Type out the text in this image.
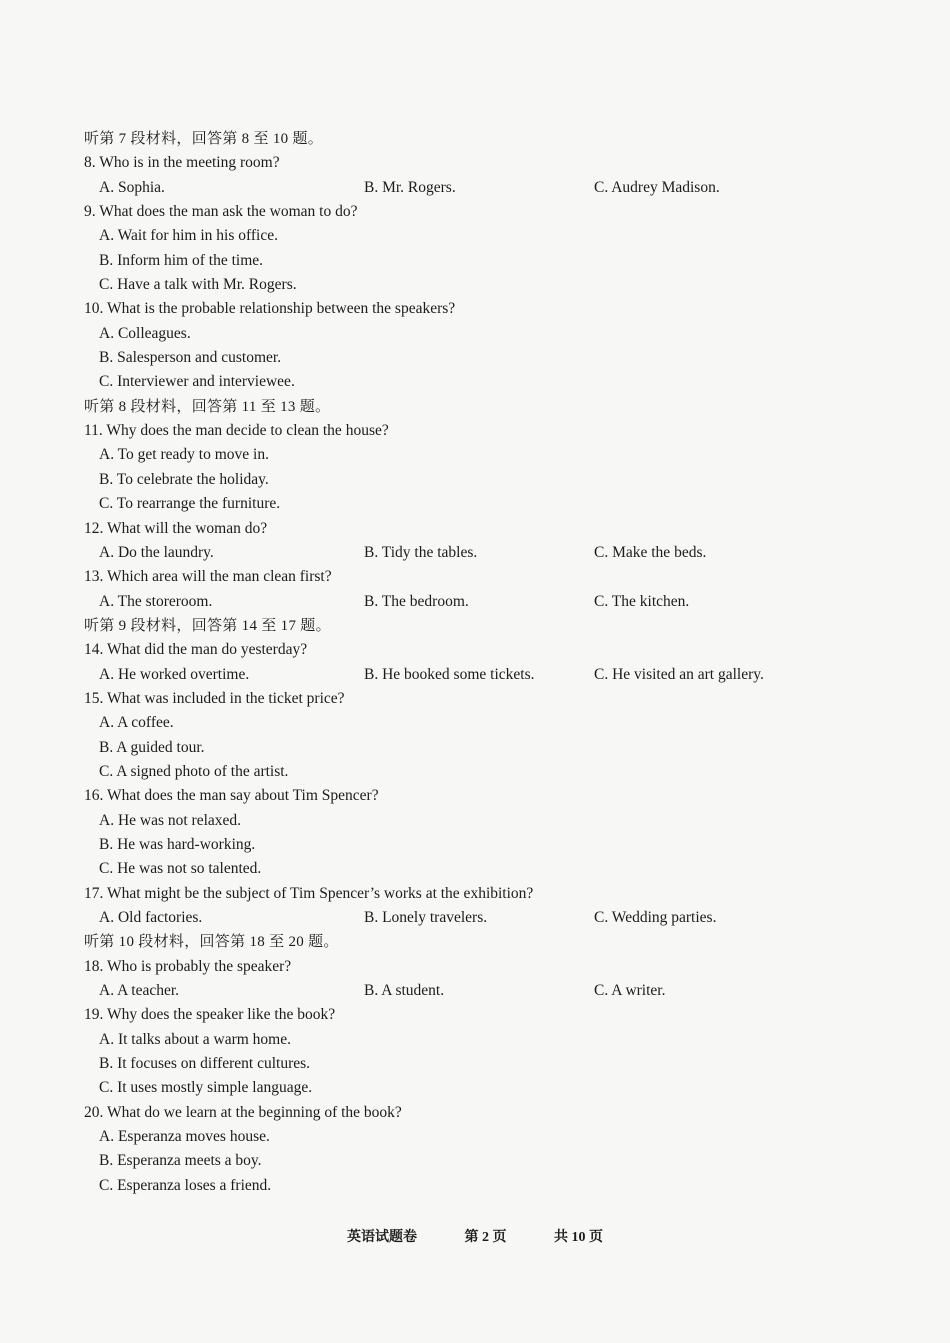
听第 7 段材料，回答第 8 至 10 题。
8. Who is in the meeting room?
A. Sophia.	B. Mr. Rogers.	C. Audrey Madison.
9. What does the man ask the woman to do?
A. Wait for him in his office.
B. Inform him of the time.
C. Have a talk with Mr. Rogers.
10. What is the probable relationship between the speakers?
A. Colleagues.
B. Salesperson and customer.
C. Interviewer and interviewee.
听第 8 段材料，回答第 11 至 13 题。
11. Why does the man decide to clean the house?
A. To get ready to move in.
B. To celebrate the holiday.
C. To rearrange the furniture.
12. What will the woman do?
A. Do the laundry.	B. Tidy the tables.	C. Make the beds.
13. Which area will the man clean first?
A. The storeroom.	B. The bedroom.	C. The kitchen.
听第 9 段材料，回答第 14 至 17 题。
14. What did the man do yesterday?
A. He worked overtime.	B. He booked some tickets.	C. He visited an art gallery.
15. What was included in the ticket price?
A. A coffee.
B. A guided tour.
C. A signed photo of the artist.
16. What does the man say about Tim Spencer?
A. He was not relaxed.
B. He was hard-working.
C. He was not so talented.
17. What might be the subject of Tim Spencer’s works at the exhibition?
A. Old factories.	B. Lonely travelers.	C. Wedding parties.
听第 10 段材料，回答第 18 至 20 题。
18. Who is probably the speaker?
A. A teacher.	B. A student.	C. A writer.
19. Why does the speaker like the book?
A. It talks about a warm home.
B. It focuses on different cultures.
C. It uses mostly simple language.
20. What do we learn at the beginning of the book?
A. Esperanza moves house.
B. Esperanza meets a boy.
C. Esperanza loses a friend.
英语试题卷	第 2 页	共 10 页
